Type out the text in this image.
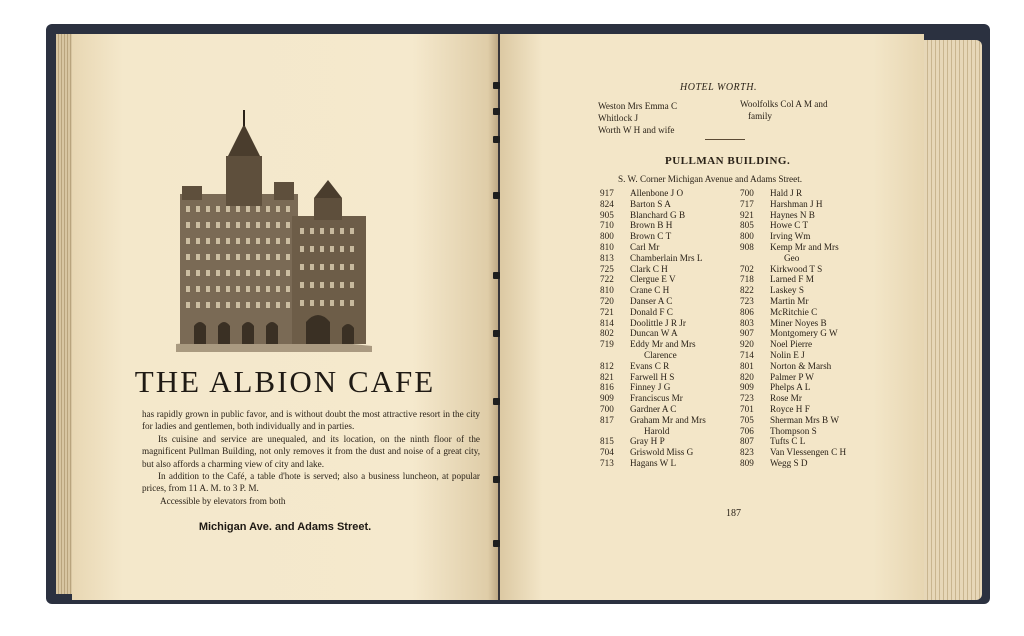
THE ALBION CAFE

has rapidly grown in public favor, and is without doubt the most attractive resort in the city for ladies and gentlemen, both individually and in parties.

Its cuisine and service are unequaled, and its location, on the ninth floor of the magnificent Pullman Building, not only removes it from the dust and noise of a great city, but also affords a charming view of city and lake.

In addition to the Café, a table d'hote is served; also a business luncheon, at popular prices, from 11 A. M. to 3 P. M.

Accessible by elevators from both

Michigan Ave. and Adams Street.
HOTEL WORTH.
Weston Mrs Emma C
Whitlock J
Worth W H and wife
Woolfolks Col A M and
family
PULLMAN BUILDING.
S. W. Corner Michigan Avenue and Adams Street.
917	Allenbone J O
824	Barton S A
905	Blanchard G B
710	Brown B H
800	Brown C T
810	Carl Mr
813	Chamberlain Mrs L
725	Clark C H
722	Clergue E V
810	Crane C H
720	Danser A C
721	Donald F C
814	Doolittle J R Jr
802	Duncan W A
719	Eddy Mr and Mrs
Clarence
812	Evans C R
821	Farwell H S
816	Finney J G
909	Franciscus Mr
700	Gardner A C
817	Graham Mr and Mrs
Harold
815	Gray H P
704	Griswold Miss G
713	Hagans W L
700	Hald J R
717	Harshman J H
921	Haynes N B
805	Howe C T
800	Irving Wm
908	Kemp Mr and Mrs
Geo
702	Kirkwood T S
718	Larned F M
822	Laskey S
723	Martin Mr
806	McRitchie C
803	Miner Noyes B
907	Montgomery G W
920	Noel Pierre
714	Nolin E J
801	Norton & Marsh
820	Palmer P W
909	Phelps A L
723	Rose Mr
701	Royce H F
705	Sherman Mrs B W
706	Thompson S
807	Tufts C L
823	Van Vlessengen C H
809	Wegg S D
187
